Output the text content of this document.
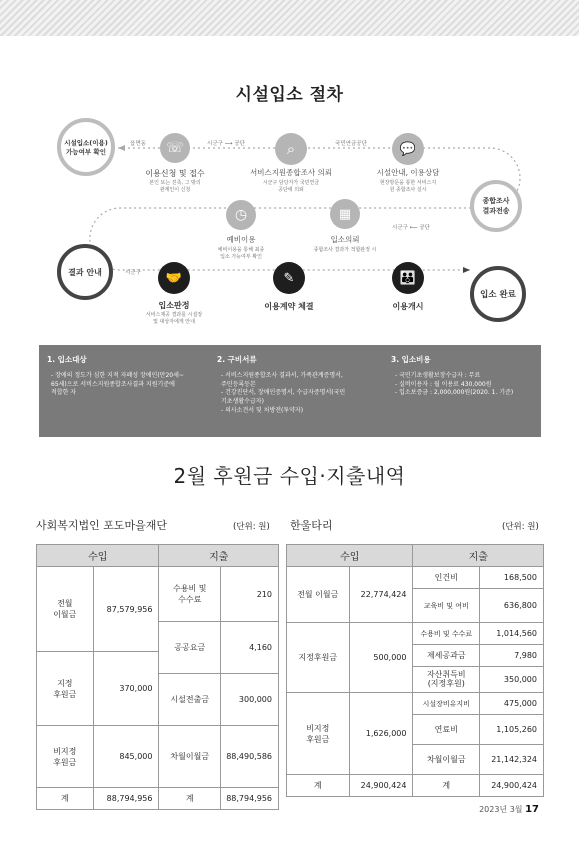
시설입소 절차
시설입소(이용)
가능여부 확인
읍면동	☏
이용신청 및 접수
본인 또는 친족, 그 밖의
관계인이 신청
시군구 ⟶ 공단	⌕
서비스지원종합조사 의뢰
시군구 담당자가 국민연금
공단에 의뢰
국민연금공단	💬
시설안내, 이용상담
현장방문을 통한 서비스지
원 종합조사 실시
종합조사
결과전송
시군구 ⟵ 공단
▦
입소의뢰
종합조사 결과가 적합판정 시
◷
예비이용
예비이용을 통해 최종
입소 가능여부 확인
결과 안내	시군구	🤝
입소판정
서비스제공 결과를 시설장
및 대상자에게 안내
✎
이용계약 체결
👪
이용개시
입소 완료
1. 입소대상
- 장애의 정도가 심한 지적 자폐성 장애인(만20세~
65세)으로 서비스지원종합조사결과 지원기준에
적합한 자
2. 구비서류
- 서비스지원종합조사 결과서, 가족관계증명서,
주민등록등본
- 건강진단서, 장애인증명서, 수급자증명서(국민
기초생활수급자)
- 의사소견서 및 처방전(투약자)
3. 입소비용
- 국민기초생활보장수급자 : 무료
- 실비이용자 : 월 이용료 430,000원
- 입소보증금 : 2,000,000원(2020. 1. 기준)
2월 후원금 수입·지출내역
사회복지법인 포도마을재단	(단위: 원) 한울타리	(단위: 원)
수입		지출	
전월
이월금	87,579,956	수용비 및
수수료	210
		공공요금	4,160
지정
후원금	370,000		
		시설전출금	300,000
비지정
후원금	845,000	차월이월금	88,490,586
계	88,794,956	계	88,794,956
수입		지출	
전월 이월금	22,774,424	인건비	168,500
		교육비 및 여비	636,800
지정후원금	500,000	수용비 및 수수료	1,014,560
		제세공과금	7,980
		자산취득비
(지정후원)	350,000
비지정
후원금	1,626,000	시설장비유지비	475,000
		연료비	1,105,260
		차월이월금	21,142,324
계	24,900,424	계	24,900,424
2023년 3월 17
